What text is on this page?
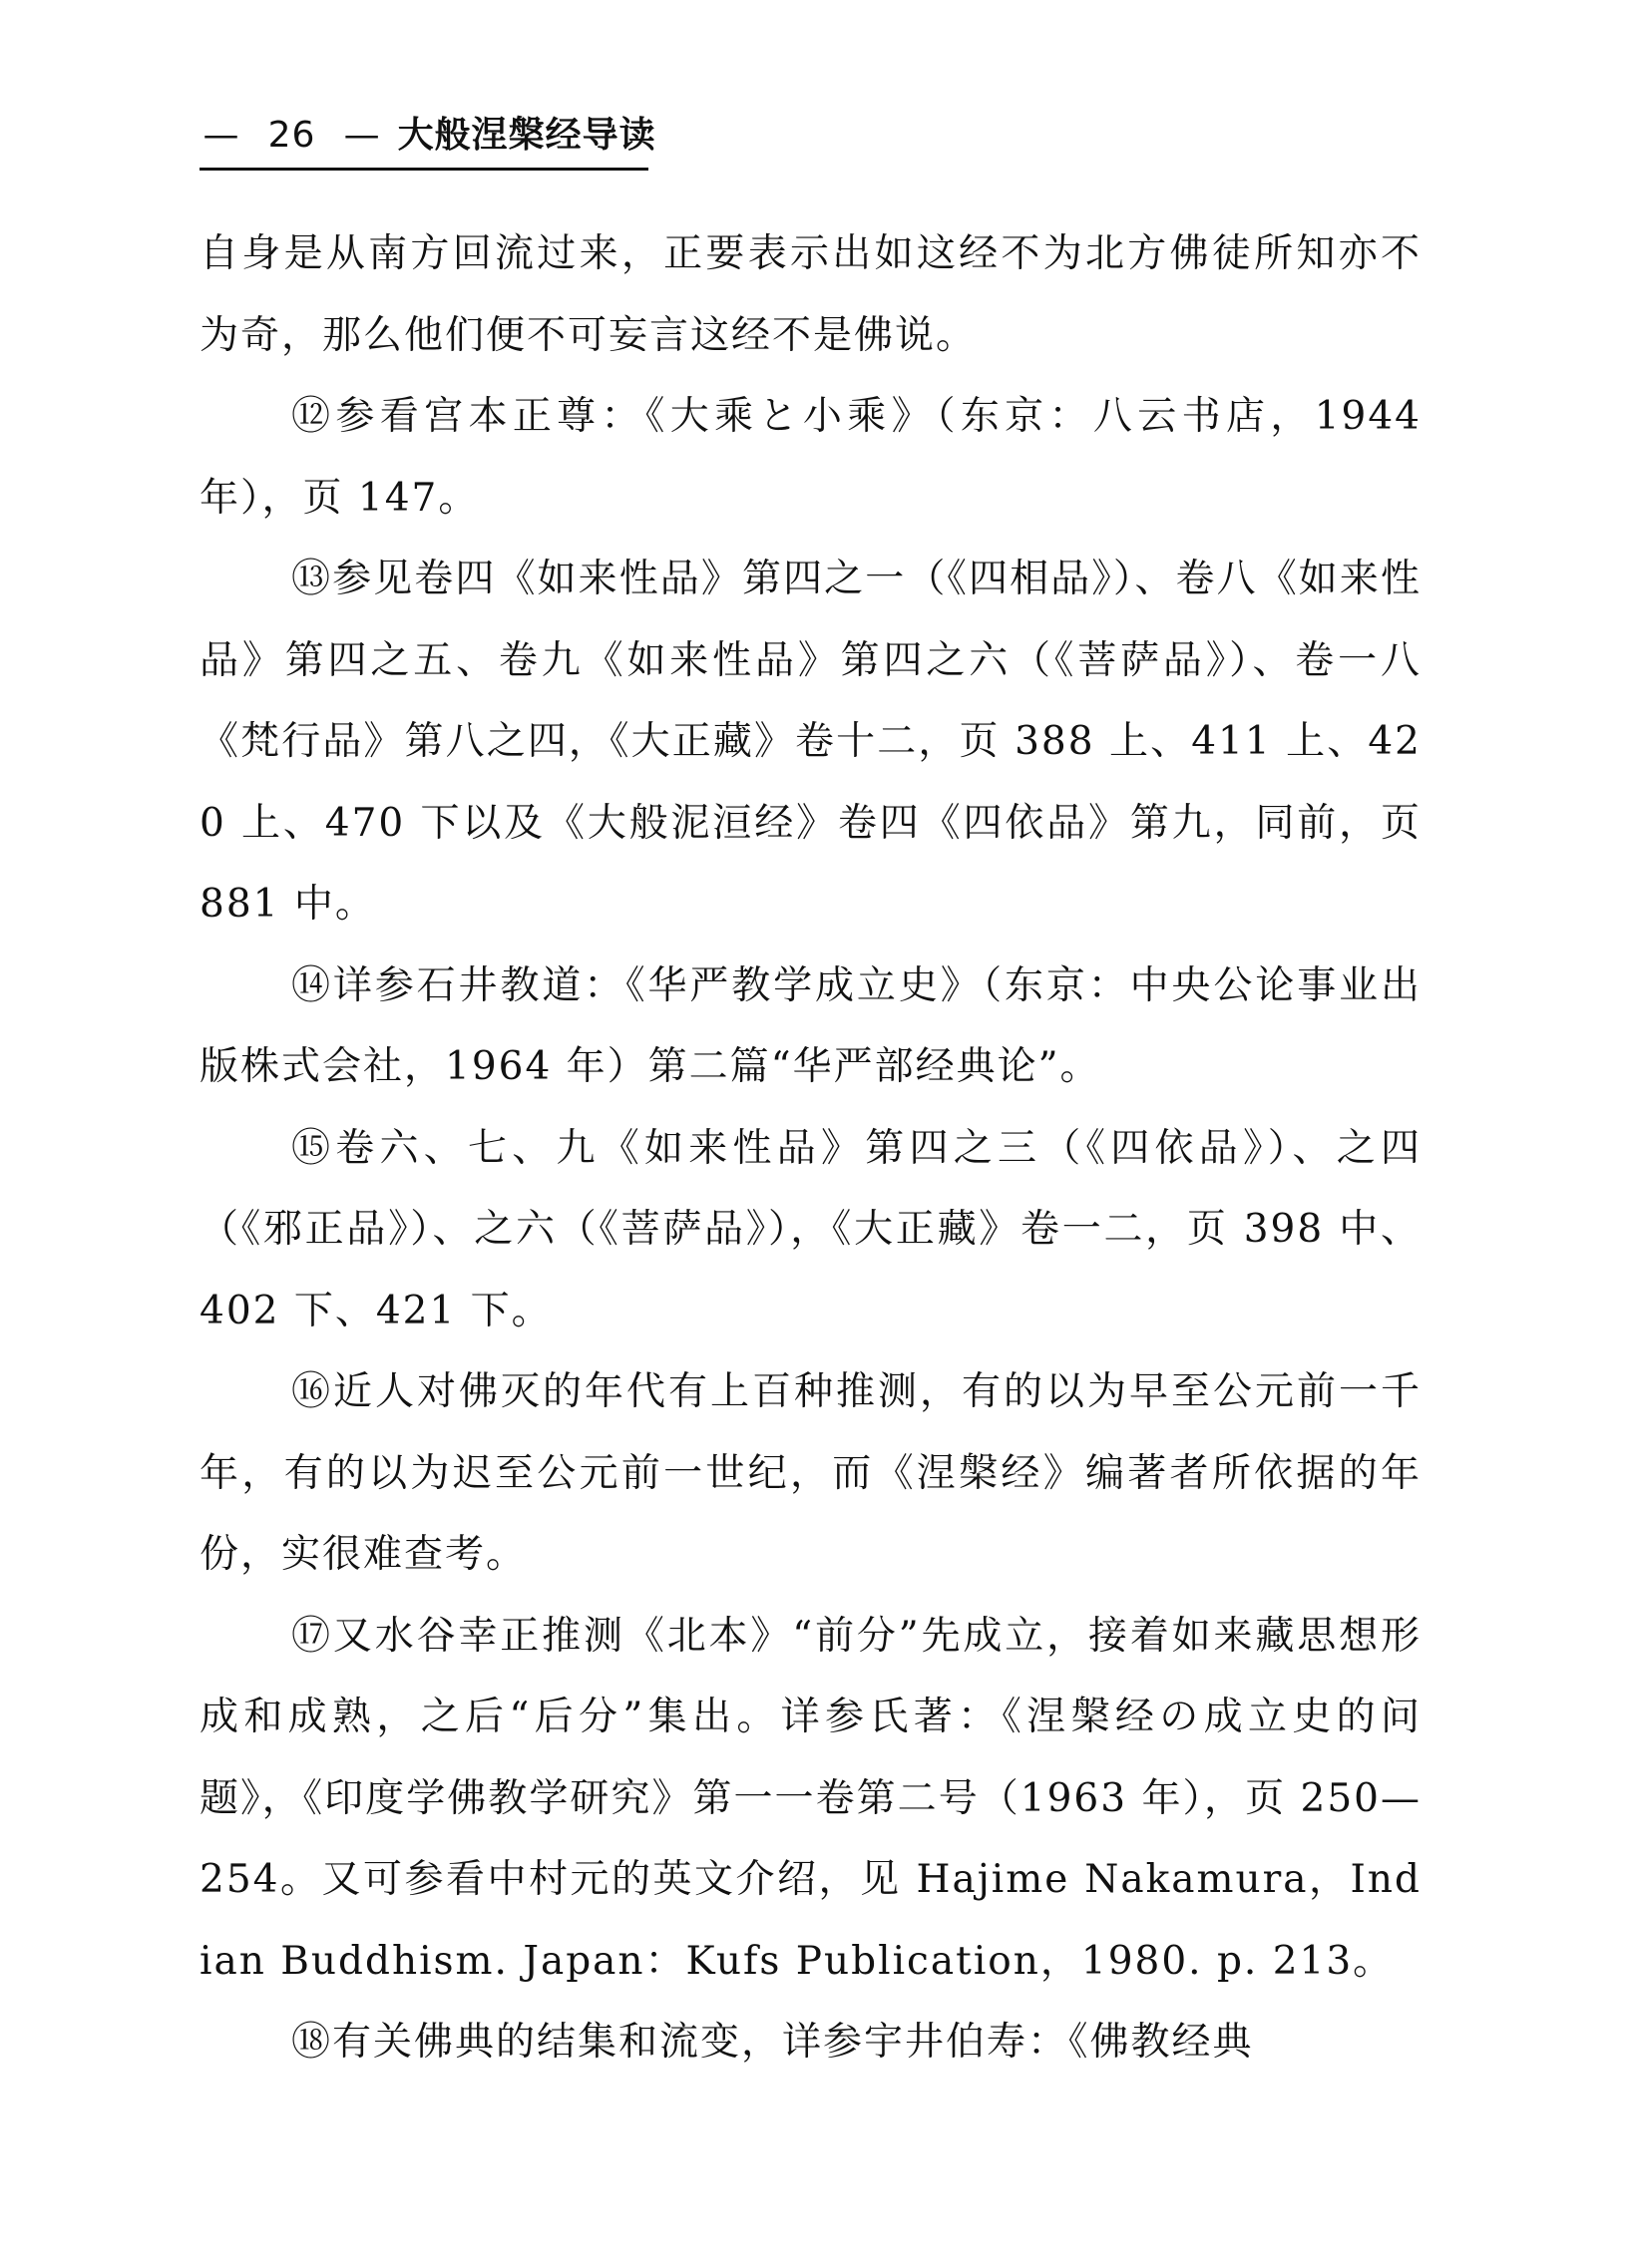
— 26 — 大般涅槃经导读

自身是从南方回流过来，正要表示出如这经不为北方佛徒所知亦不为奇，那么他们便不可妄言这经不是佛说。

⑫参看宫本正尊：《大乘と小乘》（东京：八云书店，1944 年），页 147。

⑬参见卷四《如来性品》第四之一（《四相品》）、卷八《如来性品》第四之五、卷九《如来性品》第四之六（《菩萨品》）、卷一八《梵行品》第八之四，《大正藏》卷十二，页 388 上、411 上、420 上、470 下以及《大般泥洹经》卷四《四依品》第九，同前，页 881 中。

⑭详参石井教道：《华严教学成立史》（东京：中央公论事业出版株式会社，1964 年）第二篇“华严部经典论”。

⑮卷六、七、九《如来性品》第四之三（《四依品》）、之四（《邪正品》）、之六（《菩萨品》），《大正藏》卷一二，页 398 中、402 下、421 下。

⑯近人对佛灭的年代有上百种推测，有的以为早至公元前一千年，有的以为迟至公元前一世纪，而《涅槃经》编著者所依据的年份，实很难查考。

⑰又水谷幸正推测《北本》“前分”先成立，接着如来藏思想形成和成熟，之后“后分”集出。详参氏著：《涅槃经の成立史的问题》，《印度学佛教学研究》第一一卷第二号（1963 年），页 250—254。又可参看中村元的英文介绍，见 Hajime Nakamura，Indian Buddhism. Japan：Kufs Publication，1980. p. 213。

⑱有关佛典的结集和流变，详参宇井伯寿：《佛教经典
